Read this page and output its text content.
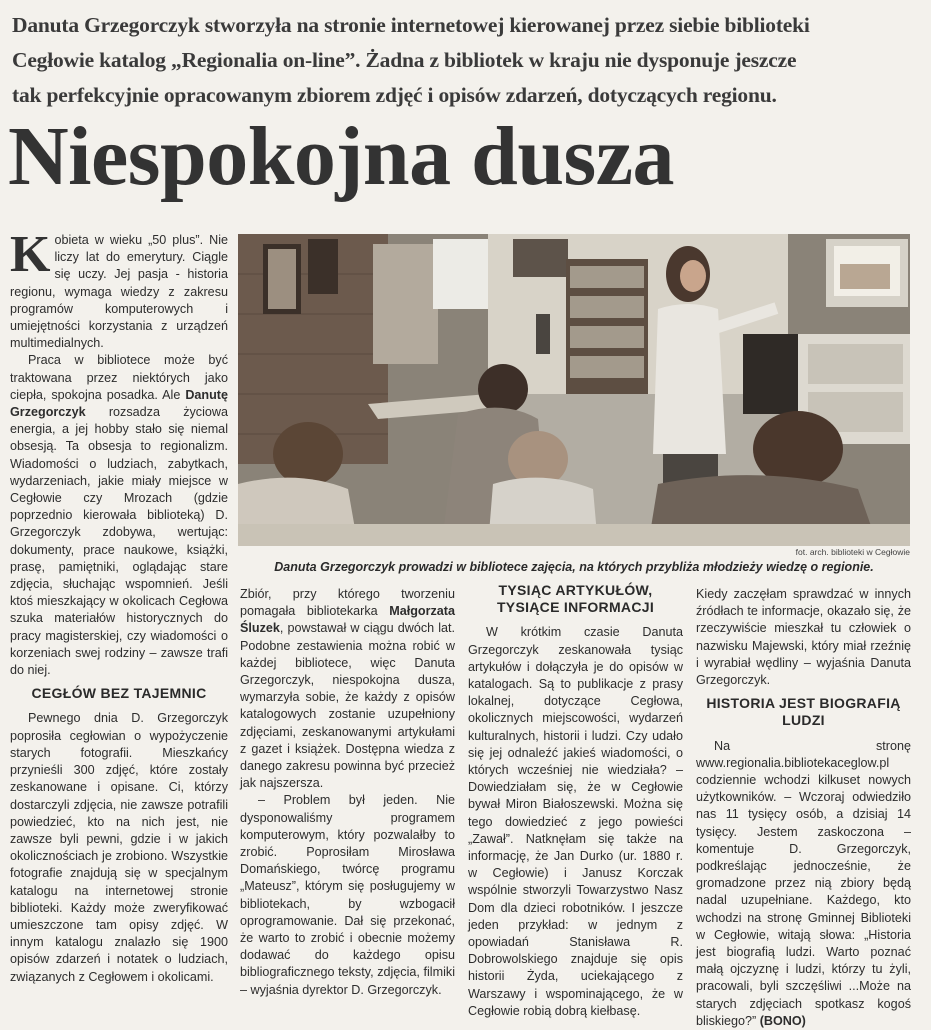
Danuta Grzegorczyk stworzyła na stronie internetowej kierowanej przez siebie biblioteki
Cegłowie katalog „Regionalia on-line”. Żadna z bibliotek w kraju nie dysponuje jeszcze
tak perfekcyjnie opracowanym zbiorem zdjęć i opisów zdarzeń, dotyczących regionu.
Niespokojna dusza

Kobieta w wieku „50 plus”. Nie liczy lat do emerytury. Ciągle się uczy. Jej pasja - historia regionu, wymaga wiedzy z zakresu programów komputerowych i umiejętności korzystania z urządzeń multimedialnych.

Praca w bibliotece może być traktowana przez niektórych jako ciepła, spokojna posadka. Ale Danutę Grzegorczyk rozsadza życiowa energia, a jej hobby stało się niemal obsesją. Ta obsesja to regionalizm. Wiadomości o ludziach, zabytkach, wydarzeniach, jakie miały miejsce w Cegłowie czy Mrozach (gdzie poprzednio kierowała biblioteką) D. Grzegorczyk zdobywa, wertując: dokumenty, prace naukowe, książki, prasę, pamiętniki, oglądając stare zdjęcia, słuchając wspomnień. Jeśli ktoś mieszkający w okolicach Cegłowa szuka materiałów historycznych do pracy magisterskiej, czy wiadomości o korzeniach swej rodziny – zawsze trafi do niej.

CEGŁÓW BEZ TAJEMNIC

Pewnego dnia D. Grzegorczyk poprosiła cegłowian o wypożyczenie starych fotografii. Mieszkańcy przynieśli 300 zdjęć, które zostały zeskanowane i opisane. Ci, którzy dostarczyli zdjęcia, nie zawsze potrafili powiedzieć, kto na nich jest, nie zawsze byli pewni, gdzie i w jakich okolicznościach je zrobiono. Wszystkie fotografie znajdują się w specjalnym katalogu na internetowej stronie biblioteki. Każdy może zweryfikować umieszczone tam opisy zdjęć. W innym katalogu znalazło się 1900 opisów zdarzeń i notatek o ludziach, związanych z Cegłowem i okolicami.

fot. arch. biblioteki w Cegłowie
Danuta Grzegorczyk prowadzi w bibliotece zajęcia, na których przybliża młodzieży wiedzę o regionie.

Zbiór, przy którego tworzeniu pomagała bibliotekarka Małgorzata Śluzek, powstawał w ciągu dwóch lat. Podobne zestawienia można robić w każdej bibliotece, więc Danuta Grzegorczyk, niespokojna dusza, wymarzyła sobie, że każdy z opisów katalogowych zostanie uzupełniony zdjęciami, zeskanowanymi artykułami z gazet i książek. Dostępna wiedza z danego zakresu powinna być przecież jak najszersza.

– Problem był jeden. Nie dysponowaliśmy programem komputerowym, który pozwalałby to zrobić. Poprosiłam Mirosława Domańskiego, twórcę programu „Mateusz”, którym się posługujemy w bibliotekach, by wzbogacił oprogramowanie. Dał się przekonać, że warto to zrobić i obecnie możemy dodawać do każdego opisu bibliograficznego teksty, zdjęcia, filmiki – wyjaśnia dyrektor D. Grzegorczyk.

TYSIĄC ARTYKUŁÓW, TYSIĄCE INFORMACJI

W krótkim czasie Danuta Grzegorczyk zeskanowała tysiąc artykułów i dołączyła je do opisów w katalogach. Są to publikacje z prasy lokalnej, dotyczące Cegłowa, okolicznych miejscowości, wydarzeń kulturalnych, historii i ludzi. Czy udało się jej odnaleźć jakieś wiadomości, o których wcześniej nie wiedziała? – Dowiedziałam się, że w Cegłowie bywał Miron Białoszewski. Można się tego dowiedzieć z jego powieści „Zawał”. Natknęłam się także na informację, że Jan Durko (ur. 1880 r. w Cegłowie) i Janusz Korczak wspólnie stworzyli Towarzystwo Nasz Dom dla dzieci robotników. I jeszcze jeden przykład: w jednym z opowiadań Stanisława R. Dobrowolskiego znajduje się opis historii Żyda, uciekającego z Warszawy i wspominającego, że w Cegłowie robią dobrą kiełbasę.

Kiedy zaczęłam sprawdzać w innych źródłach te informacje, okazało się, że rzeczywiście mieszkał tu człowiek o nazwisku Majewski, który miał rzeźnię i wyrabiał wędliny – wyjaśnia Danuta Grzegorczyk.

HISTORIA JEST BIOGRAFIĄ LUDZI

Na stronę www.regionalia.bibliotekaceglow.pl codziennie wchodzi kilkuset nowych użytkowników. – Wczoraj odwiedziło nas 11 tysięcy osób, a dzisiaj 14 tysięcy. Jestem zaskoczona – komentuje D. Grzegorczyk, podkreślając jednocześnie, że gromadzone przez nią zbiory będą nadal uzupełniane. Każdego, kto wchodzi na stronę Gminnej Biblioteki w Cegłowie, witają słowa: „Historia jest biografią ludzi. Warto poznać małą ojczyznę i ludzi, którzy tu żyli, pracowali, byli szczęśliwi ...Może na starych zdjęciach spotkasz kogoś bliskiego?” (BONO)
